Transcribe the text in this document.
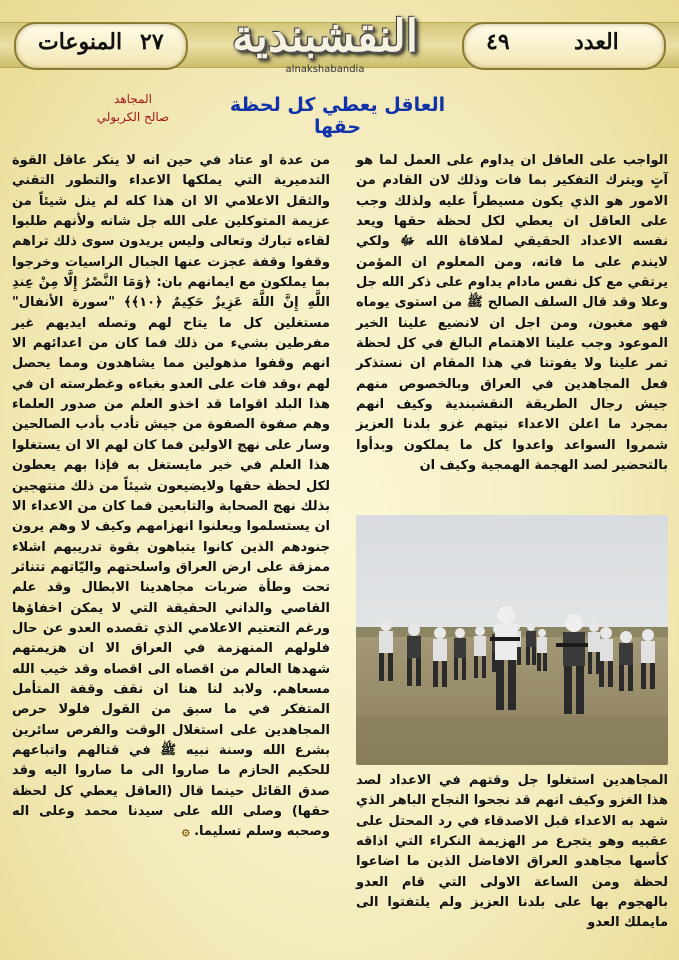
المنوعات ٢٧	٤٩	العدد
النقشبندية
alnakshabandia
العاقل يعطي كل لحظة حقها
المجاهد
صالح الكربولي

الواجب على العاقل ان يداوم على العمل لما هو آتٍ ويترك التفكير بما فات وذلك لان القادم من الامور هو الذي يكون مسيطراً عليه ولذلك وجب على العاقل ان يعطي لكل لحظة حقها ويعد نفسه الاعداد الحقيقي لملاقاة الله ﷻ ولكي لايندم على ما فاته، ومن المعلوم ان المؤمن يرتقي مع كل نفس مادام يداوم على ذكر الله جل وعلا وقد قال السلف الصالح ﷺ من استوى يوماه فهو مغبون، ومن اجل ان لانضيع علينا الخير الموعود وجب علينا الاهتمام البالغ في كل لحظة تمر علينا ولا يفوتنا في هذا المقام ان نستذكر فعل المجاهدين في العراق وبالخصوص منهم جيش رجال الطريقة النقشبندية وكيف انهم بمجرد ما اعلن الاعداء نيتهم غزو بلدنا العزيز شمروا السواعد واعدوا كل ما يملكون وبدأوا بالتحضير لصد الهجمة الهمجية وكيف ان

المجاهدين استغلوا جل وقتهم في الاعداد لصد هذا الغزو وكيف انهم قد نجحوا النجاح الباهر الذي شهد به الاعداء قبل الاصدقاء في رد المحتل على عقبيه وهو يتجرع مر الهزيمة النكراء التي اذاقه كأسها مجاهدو العراق الافاضل الذين ما اضاعوا لحظة ومن الساعة الاولى التي قام العدو بالهجوم بها على بلدنا العزيز ولم يلتفتوا الى مايملك العدو

من عدة او عتاد في حين انه لا ينكر عاقل القوة التدميرية التي يملكها الاعداء والتطور التقني والثقل الاعلامي الا ان هذا كله لم ينل شيئاً من عزيمة المتوكلين على الله جل شانه ولأنهم طلبوا لقاءه تبارك وتعالى وليس يريدون سوى ذلك تراهم وقفوا وقفة عجزت عنها الجبال الراسيات وخرجوا بما يملكون مع ايمانهم بان: ﴿وَمَا النَّصْرُ إِلَّا مِنْ عِندِ اللَّهِ إِنَّ اللَّهَ عَزِيزٌ حَكِيمٌ ﴿١٠﴾﴾ "سورة الأنفال" مستغلين كل ما يتاح لهم وتصله ايديهم غير مفرطين بشيء من ذلك فما كان من اعدائهم الا انهم وقفوا مذهولين مما يشاهدون ومما يحصل لهم ،وقد فات على العدو بغباءه وغطرسته ان في هذا البلد اقواما قد اخذو العلم من صدور العلماء وهم صفوة الصفوة من جيش تأدب بأدب الصالحين وسار على نهج الاولين فما كان لهم الا ان يستغلوا هذا العلم في خير مايستغل به فإذا بهم يعطون لكل لحظة حقها ولايضيعون شيئاً من ذلك منتهجين بذلك نهج الصحابة والتابعين فما كان من الاعداء الا ان يستسلموا ويعلنوا انهزامهم وكيف لا وهم يرون جنودهم الذين كانوا يتباهون بقوة تدريبهم اشلاء ممزقة على ارض العراق واسلحتهم واليّاتهم تتناثر تحت وطأة ضربات مجاهدينا الابطال وقد علم القاصي والداني الحقيقة التي لا يمكن اخفاؤها ورغم التعتيم الاعلامي الذي تقصده العدو عن حال فلولهم المنهزمة في العراق الا ان هزيمتهم شهدها العالم من اقصاه الى اقصاه وقد خيب الله مسعاهم. ولابد لنا هنا ان نقف وقفة المتأمل المتفكر في ما سبق من القول فلولا حرص المجاهدين على استغلال الوقت والفرص سائرين بشرع الله وسنة نبيه ﷺ في قتالهم واتباعهم للحكيم الحازم ما صاروا الى ما صاروا اليه وقد صدق القائل حينما قال (العاقل يعطي كل لحظة حقها) وصلى الله على سيدنا محمد وعلى اله وصحبه وسلم تسليما. ۞
